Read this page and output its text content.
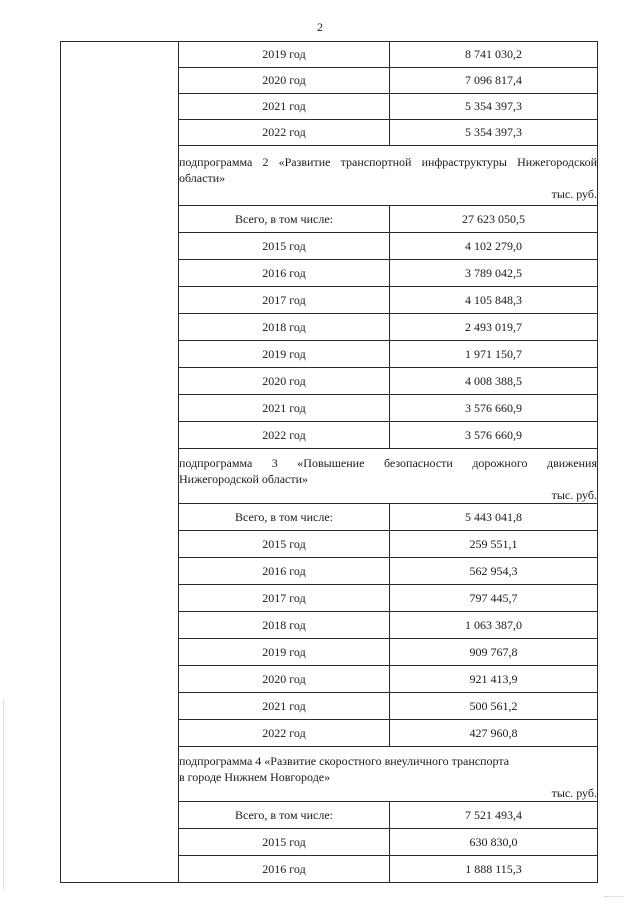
2
	2019 год	8 741 030,2
	2020 год	7 096 817,4
	2021 год	5 354 397,3
	2022 год	5 354 397,3

	подпрограмма 2 «Развитие транспортной инфраструктуры Нижегородской области»
тыс. руб.	

	Всего, в том числе:	27 623 050,5
	2015 год	4 102 279,0
	2016 год	3 789 042,5
	2017 год	4 105 848,3
	2018 год	2 493 019,7
	2019 год	1 971 150,7
	2020 год	4 008 388,5
	2021 год	3 576 660,9
	2022 год	3 576 660,9

	подпрограмма 3 «Повышение безопасности дорожного движения Нижегородской области»
тыс. руб.	

	Всего, в том числе:	5 443 041,8
	2015 год	259 551,1
	2016 год	562 954,3
	2017 год	797 445,7
	2018 год	1 063 387,0
	2019 год	909 767,8
	2020 год	921 413,9
	2021 год	500 561,2
	2022 год	427 960,8

	подпрограмма 4 «Развитие скоростного внеуличного транспорта
в городе Нижнем Новгороде»
тыс. руб.	

	Всего, в том числе:	7 521 493,4
	2015 год	630 830,0
	2016 год	1 888 115,3
